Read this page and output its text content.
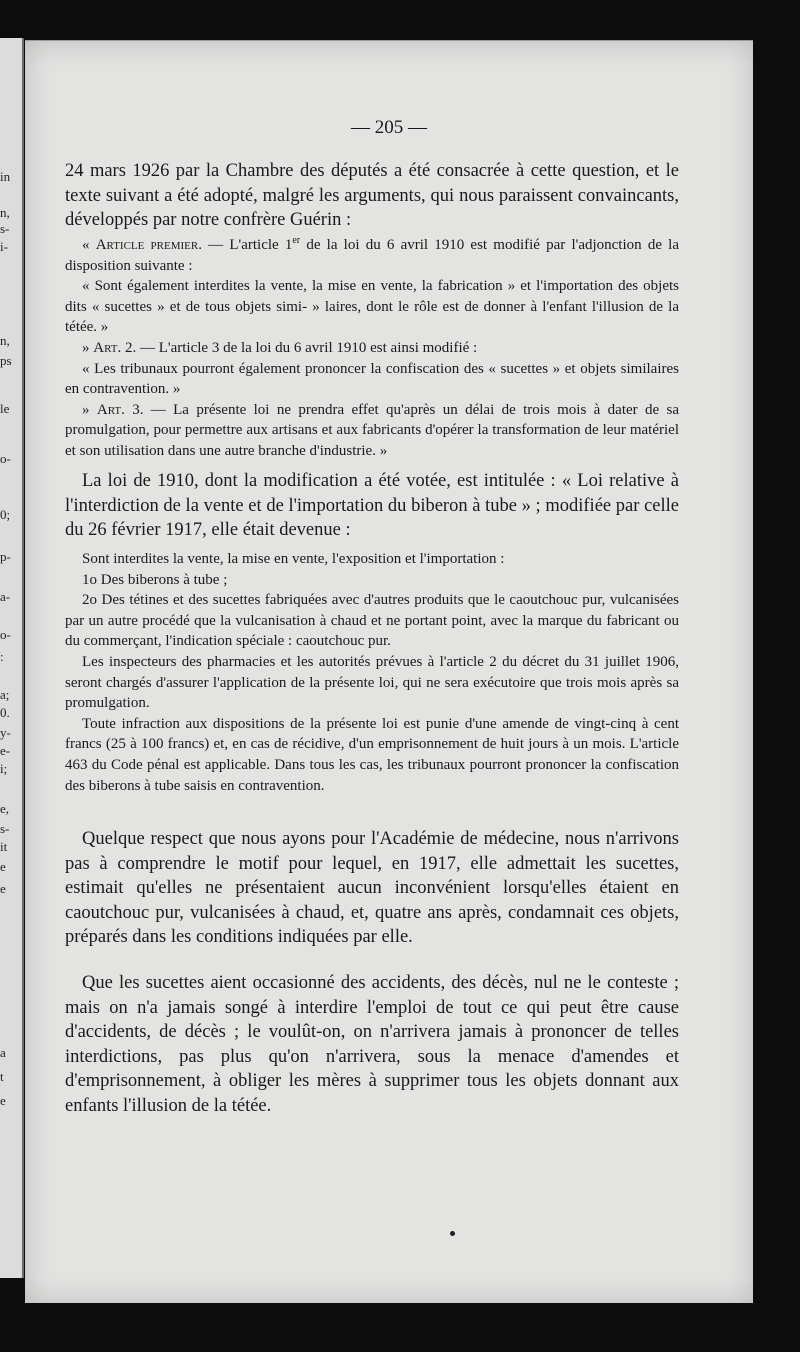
in
n,
s-
i-
n,
ps
le
o-
0;
p-
a-
o-
:
a;
0.
y-
e-
i;
e,
s-
it
e
e
a
t
e
— 205 —

24 mars 1926 par la Chambre des députés a été consacrée à cette question, et le texte suivant a été adopté, malgré les arguments, qui nous paraissent convaincants, développés par notre confrère Guérin :

« Article premier. — L'article 1er de la loi du 6 avril 1910 est modifié par l'adjonction de la disposition suivante :

« Sont également interdites la vente, la mise en vente, la fabrication » et l'importation des objets dits « sucettes » et de tous objets simi- » laires, dont le rôle est de donner à l'enfant l'illusion de la tétée. »

» Art. 2. — L'article 3 de la loi du 6 avril 1910 est ainsi modifié :

« Les tribunaux pourront également prononcer la confiscation des « sucettes » et objets similaires en contravention. »

» Art. 3. — La présente loi ne prendra effet qu'après un délai de trois mois à dater de sa promulgation, pour permettre aux artisans et aux fabricants d'opérer la transformation de leur matériel et son utilisation dans une autre branche d'industrie. »

La loi de 1910, dont la modification a été votée, est intitulée : « Loi relative à l'interdiction de la vente et de l'importation du biberon à tube » ; modifiée par celle du 26 février 1917, elle était devenue :

Sont interdites la vente, la mise en vente, l'exposition et l'importation :

1o Des biberons à tube ;

2o Des tétines et des sucettes fabriquées avec d'autres produits que le caoutchouc pur, vulcanisées par un autre procédé que la vulcanisation à chaud et ne portant point, avec la marque du fabricant ou du commerçant, l'indication spéciale : caoutchouc pur.

Les inspecteurs des pharmacies et les autorités prévues à l'article 2 du décret du 31 juillet 1906, seront chargés d'assurer l'application de la présente loi, qui ne sera exécutoire que trois mois après sa promulgation.

Toute infraction aux dispositions de la présente loi est punie d'une amende de vingt-cinq à cent francs (25 à 100 francs) et, en cas de récidive, d'un emprisonnement de huit jours à un mois. L'article 463 du Code pénal est applicable. Dans tous les cas, les tribunaux pourront prononcer la confiscation des biberons à tube saisis en contravention.

Quelque respect que nous ayons pour l'Académie de médecine, nous n'arrivons pas à comprendre le motif pour lequel, en 1917, elle admettait les sucettes, estimait qu'elles ne présentaient aucun inconvénient lorsqu'elles étaient en caoutchouc pur, vulcanisées à chaud, et, quatre ans après, condamnait ces objets, préparés dans les conditions indiquées par elle.

Que les sucettes aient occasionné des accidents, des décès, nul ne le conteste ; mais on n'a jamais songé à interdire l'emploi de tout ce qui peut être cause d'accidents, de décès ; le voulût-on, on n'arrivera jamais à prononcer de telles interdictions, pas plus qu'on n'arrivera, sous la menace d'amendes et d'emprisonnement, à obliger les mères à supprimer tous les objets donnant aux enfants l'illusion de la tétée.
